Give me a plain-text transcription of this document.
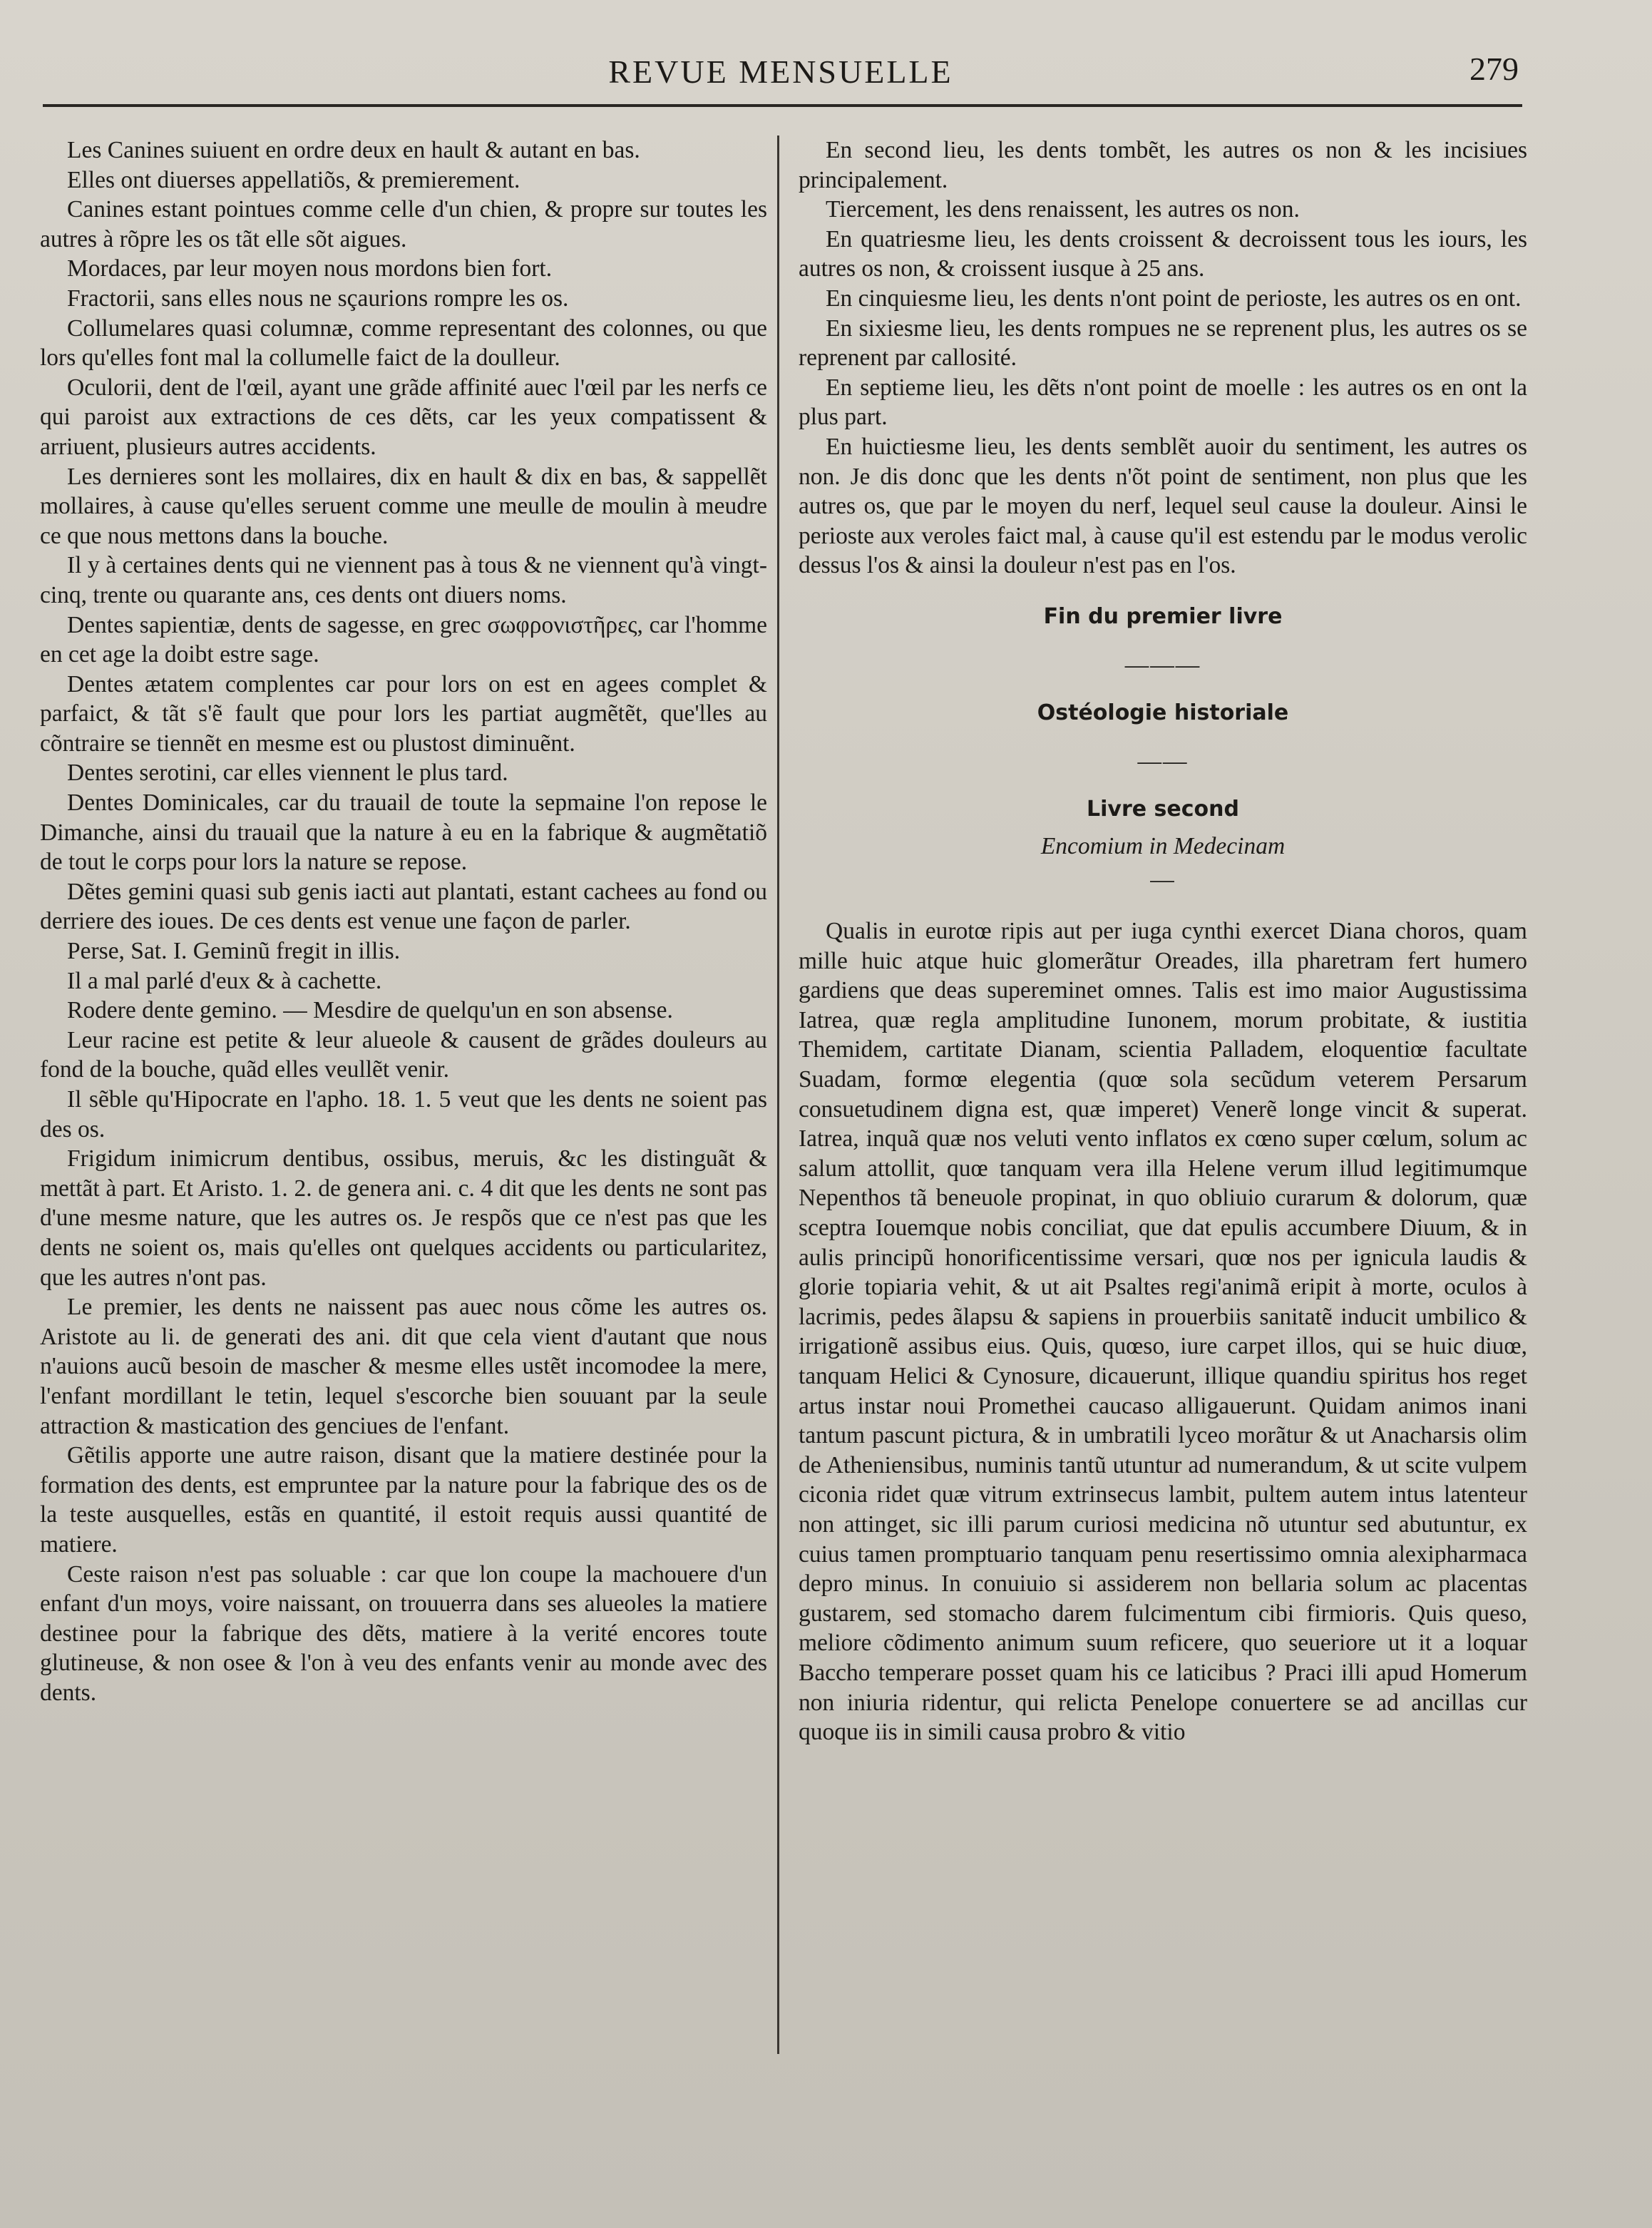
REVUE MENSUELLE	279

Les Canines suiuent en ordre deux en hault & autant en bas.

Elles ont diuerses appellatiõs, & premierement.

Canines estant pointues comme celle d'un chien, & propre sur toutes les autres à rõpre les os tãt elle sõt aigues.

Mordaces, par leur moyen nous mordons bien fort.

Fractorii, sans elles nous ne sçaurions rompre les os.

Collumelares quasi columnæ, comme representant des colonnes, ou que lors qu'elles font mal la collumelle faict de la doulleur.

Oculorii, dent de l'œil, ayant une grãde affinité auec l'œil par les nerfs ce qui paroist aux extractions de ces dẽts, car les yeux compatissent & arriuent, plusieurs autres accidents.

Les dernieres sont les mollaires, dix en hault & dix en bas, & sappellẽt mollaires, à cause qu'elles seruent comme une meulle de moulin à meudre ce que nous mettons dans la bouche.

Il y à certaines dents qui ne viennent pas à tous & ne viennent qu'à vingt-cinq, trente ou quarante ans, ces dents ont diuers noms.

Dentes sapientiæ, dents de sagesse, en grec σωφρονιστῆρες, car l'homme en cet age la doibt estre sage.

Dentes ætatem complentes car pour lors on est en agees complet & parfaict, & tãt s'ẽ fault que pour lors les partiat augmẽtẽt, que'lles au cõntraire se tiennẽt en mesme est ou plustost diminuẽnt.

Dentes serotini, car elles viennent le plus tard.

Dentes Dominicales, car du trauail de toute la sepmaine l'on repose le Dimanche, ainsi du trauail que la nature à eu en la fabrique & augmẽtatiõ de tout le corps pour lors la nature se repose.

Dẽtes gemini quasi sub genis iacti aut plantati, estant cachees au fond ou derriere des ioues. De ces dents est venue une façon de parler.

Perse, Sat. I. Geminũ fregit in illis.

Il a mal parlé d'eux & à cachette.

Rodere dente gemino. — Mesdire de quelqu'un en son absense.

Leur racine est petite & leur alueole & causent de grãdes douleurs au fond de la bouche, quãd elles veullẽt venir.

Il sẽble qu'Hipocrate en l'apho. 18. 1. 5 veut que les dents ne soient pas des os.

Frigidum inimicrum dentibus, ossibus, meruis, &c les distinguãt & mettãt à part. Et Aristo. 1. 2. de genera ani. c. 4 dit que les dents ne sont pas d'une mesme nature, que les autres os. Je respõs que ce n'est pas que les dents ne soient os, mais qu'elles ont quelques accidents ou particularitez, que les autres n'ont pas.

Le premier, les dents ne naissent pas auec nous cõme les autres os. Aristote au li. de generati des ani. dit que cela vient d'autant que nous n'auions aucũ besoin de mascher & mesme elles ustẽt incomodee la mere, l'enfant mordillant le tetin, lequel s'escorche bien souuant par la seule attraction & mastication des genciues de l'enfant.

Gẽtilis apporte une autre raison, disant que la matiere destinée pour la formation des dents, est empruntee par la nature pour la fabrique des os de la teste ausquelles, estãs en quantité, il estoit requis aussi quantité de matiere.

Ceste raison n'est pas soluable : car que lon coupe la machouere d'un enfant d'un moys, voire naissant, on trouuerra dans ses alueoles la matiere destinee pour la fabrique des dẽts, matiere à la verité encores toute glutineuse, & non osee & l'on à veu des enfants venir au monde avec des dents.

En second lieu, les dents tombẽt, les autres os non & les incisiues principalement.

Tiercement, les dens renaissent, les autres os non.

En quatriesme lieu, les dents croissent & decroissent tous les iours, les autres os non, & croissent iusque à 25 ans.

En cinquiesme lieu, les dents n'ont point de perioste, les autres os en ont.

En sixiesme lieu, les dents rompues ne se reprenent plus, les autres os se reprenent par callosité.

En septieme lieu, les dẽts n'ont point de moelle : les autres os en ont la plus part.

En huictiesme lieu, les dents semblẽt auoir du sentiment, les autres os non. Je dis donc que les dents n'õt point de sentiment, non plus que les autres os, que par le moyen du nerf, lequel seul cause la douleur. Ainsi le perioste aux veroles faict mal, à cause qu'il est estendu par le modus verolic dessus l'os & ainsi la douleur n'est pas en l'os.

Fin du premier livre

———

Ostéologie historiale

——

Livre second

Encomium in Medecinam

—

Qualis in eurotœ ripis aut per iuga cynthi exercet Diana choros, quam mille huic atque huic glomerãtur Oreades, illa pharetram fert humero gardiens que deas supereminet omnes. Talis est imo maior Augustissima Iatrea, quæ regla amplitudine Iunonem, morum probitate, & iustitia Themidem, cartitate Dianam, scientia Palladem, eloquentiœ facultate Suadam, formœ elegentia (quœ sola secũdum veterem Persarum consuetudinem digna est, quæ imperet) Venerẽ longe vincit & superat. Iatrea, inquã quæ nos veluti vento inflatos ex cœno super cœlum, solum ac salum attollit, quœ tanquam vera illa Helene verum illud legitimumque Nepenthos tã beneuole propinat, in quo obliuio curarum & dolorum, quæ sceptra Iouemque nobis conciliat, que dat epulis accumbere Diuum, & in aulis principũ honorificentissime versari, quœ nos per ignicula laudis & glorie topiaria vehit, & ut ait Psaltes regi'animã eripit à morte, oculos à lacrimis, pedes ãlapsu & sapiens in prouerbiis sanitatẽ inducit umbilico & irrigationẽ assibus eius. Quis, quœso, iure carpet illos, qui se huic diuœ, tanquam Helici & Cynosure, dicauerunt, illique quandiu spiritus hos reget artus instar noui Promethei caucaso alligauerunt. Quidam animos inani tantum pascunt pictura, & in umbratili lyceo morãtur & ut Anacharsis olim de Atheniensibus, numinis tantũ utuntur ad numerandum, & ut scite vulpem ciconia ridet quæ vitrum extrinsecus lambit, pultem autem intus latenteur non attinget, sic illi parum curiosi medicina nõ utuntur sed abutuntur, ex cuius tamen promptuario tanquam penu resertissimo omnia alexipharmaca depro minus. In conuiuio si assiderem non bellaria solum ac placentas gustarem, sed stomacho darem fulcimentum cibi firmioris. Quis queso, meliore cõdimento animum suum reficere, quo seueriore ut it a loquar Baccho temperare posset quam his ce laticibus ? Praci illi apud Homerum non iniuria ridentur, qui relicta Penelope conuertere se ad ancillas cur quoque iis in simili causa probro & vitio
